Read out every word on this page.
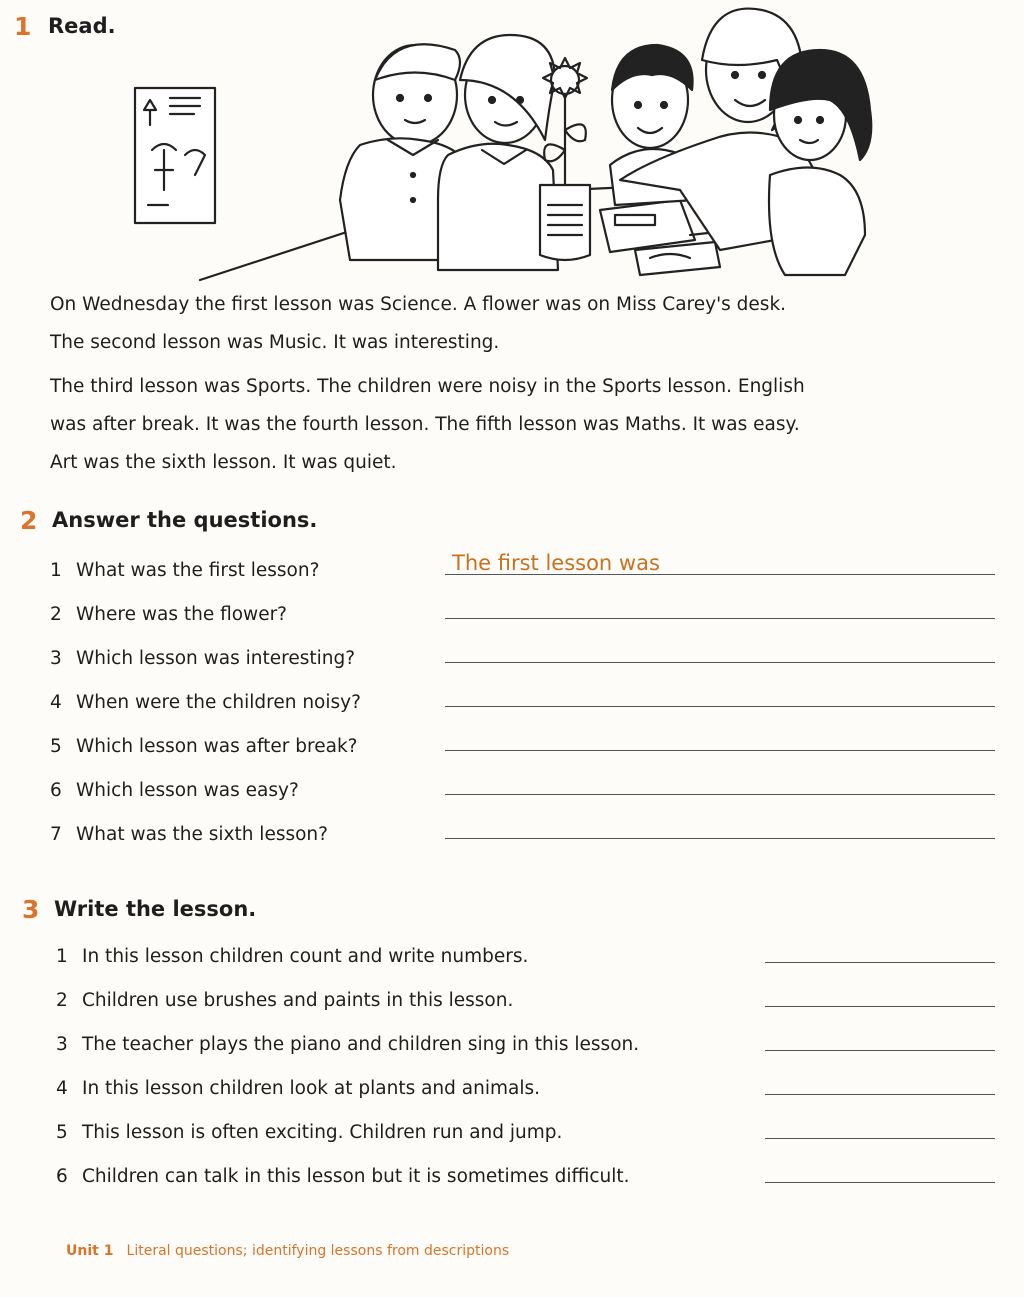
1 Read.
On Wednesday the first lesson was Science. A flower was on Miss Carey's desk.
The second lesson was Music. It was interesting.
The third lesson was Sports. The children were noisy in the Sports lesson. English
was after break. It was the fourth lesson. The fifth lesson was Maths. It was easy.
Art was the sixth lesson. It was quiet.
2 Answer the questions.
1 What was the first lesson?
2 Where was the flower?
3 Which lesson was interesting?
4 When were the children noisy?
5 Which lesson was after break?
6 Which lesson was easy?
7 What was the sixth lesson?
The first lesson was
3 Write the lesson.
1 In this lesson children count and write numbers.
2 Children use brushes and paints in this lesson.
3 The teacher plays the piano and children sing in this lesson.
4 In this lesson children look at plants and animals.
5 This lesson is often exciting. Children run and jump.
6 Children can talk in this lesson but it is sometimes difficult.
Unit 1 Literal questions; identifying lessons from descriptions
